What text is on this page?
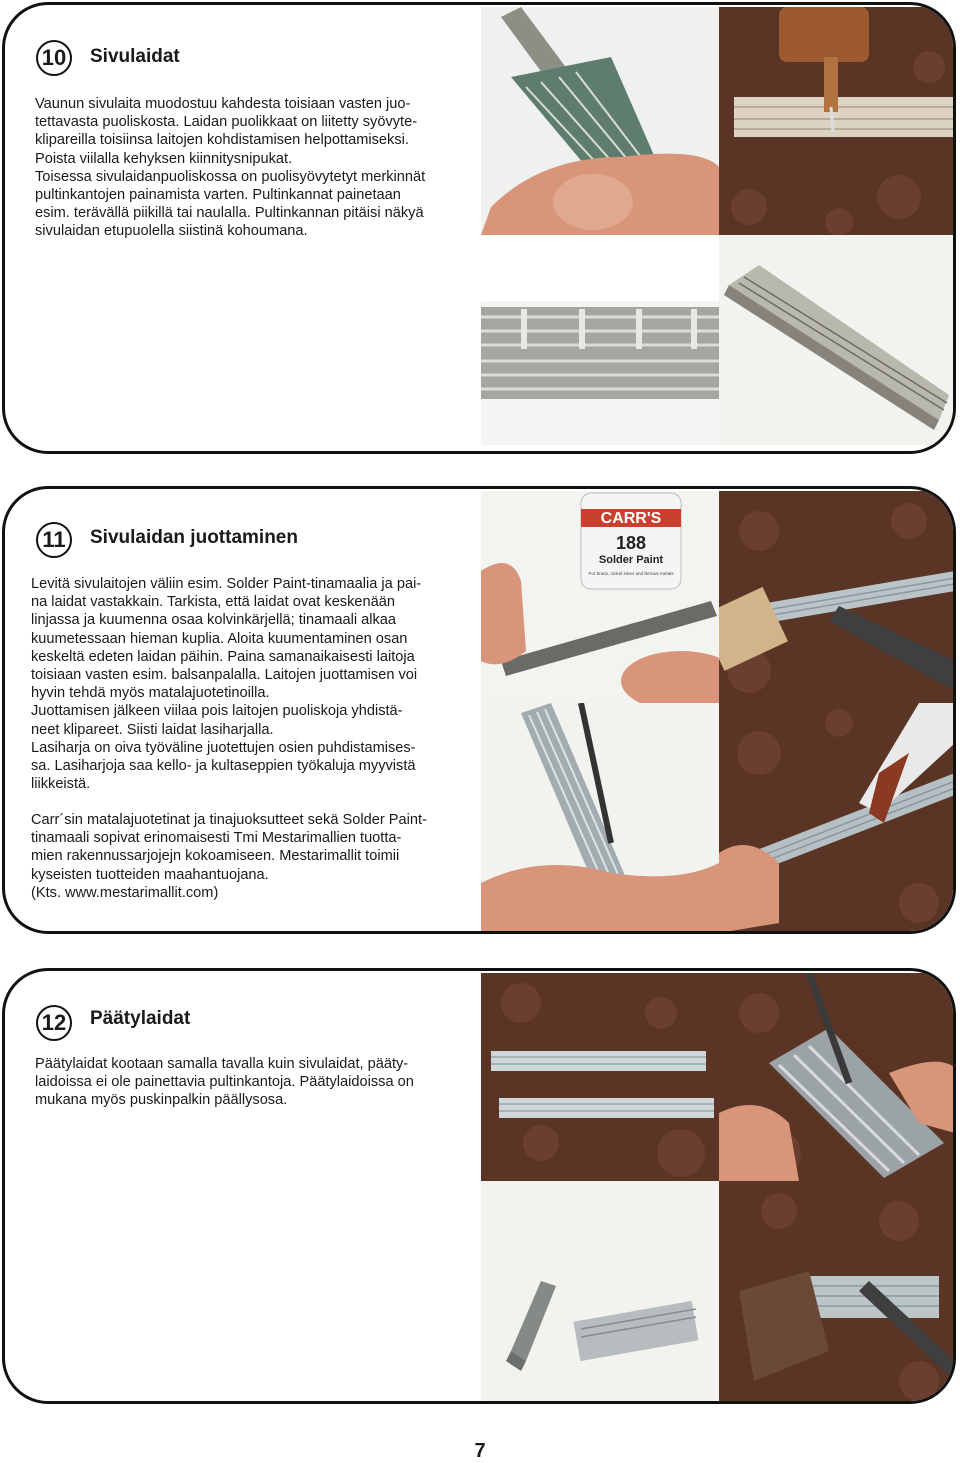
10	Sivulaidat
Vaunun sivulaita muodostuu kahdesta toisiaan vasten juo-
tettavasta puoliskosta. Laidan puolikkaat on liitetty syövyte-
klipareilla toisiinsa laitojen kohdistamisen helpottamiseksi.
Poista viilalla kehyksen kiinnitysnipukat.
Toisessa sivulaidanpuoliskossa on puolisyövytetyt merkinnät
pultinkantojen painamista varten. Pultinkannat painetaan
esim. terävällä piikillä tai naulalla. Pultinkannan pitäisi näkyä
sivulaidan etupuolella siistinä kohoumana.
11	Sivulaidan juottaminen
Levitä sivulaitojen väliin esim. Solder Paint-tinamaalia ja pai-
na laidat vastakkain. Tarkista, että laidat ovat keskenään
linjassa ja kuumenna osaa kolvinkärjellä; tinamaali alkaa
kuumetessaan hieman kuplia. Aloita kuumentaminen osan
keskeltä edeten laidan päihin. Paina samanaikaisesti laitoja
toisiaan vasten esim. balsanpalalla. Laitojen juottamisen voi
hyvin tehdä myös matalajuotetinoilla.
Juottamisen jälkeen viilaa pois laitojen puoliskoja yhdistä-
neet klipareet. Siisti laidat lasiharjalla.
Lasiharja on oiva työväline juotettujen osien puhdistamises-
sa. Lasiharjoja saa kello- ja kultaseppien työkaluja myyvistä
liikkeistä.
Carr´sin matalajuotetinat ja tinajuoksutteet sekä Solder Paint-
tinamaali sopivat erinomaisesti Tmi Mestarimallien tuotta-
mien rakennussarjojejn kokoamiseen. Mestarimallit toimii
kyseisten tuotteiden maahantuojana.
(Kts. www.mestarimallit.com)
CARR'S
188
Solder Paint
For brass, nickel silver and ferrous metals
12	Päätylaidat
Päätylaidat kootaan samalla tavalla kuin sivulaidat, pääty-
laidoissa ei ole painettavia pultinkantoja. Päätylaidoissa on
mukana myös puskinpalkin päällysosa.
7
